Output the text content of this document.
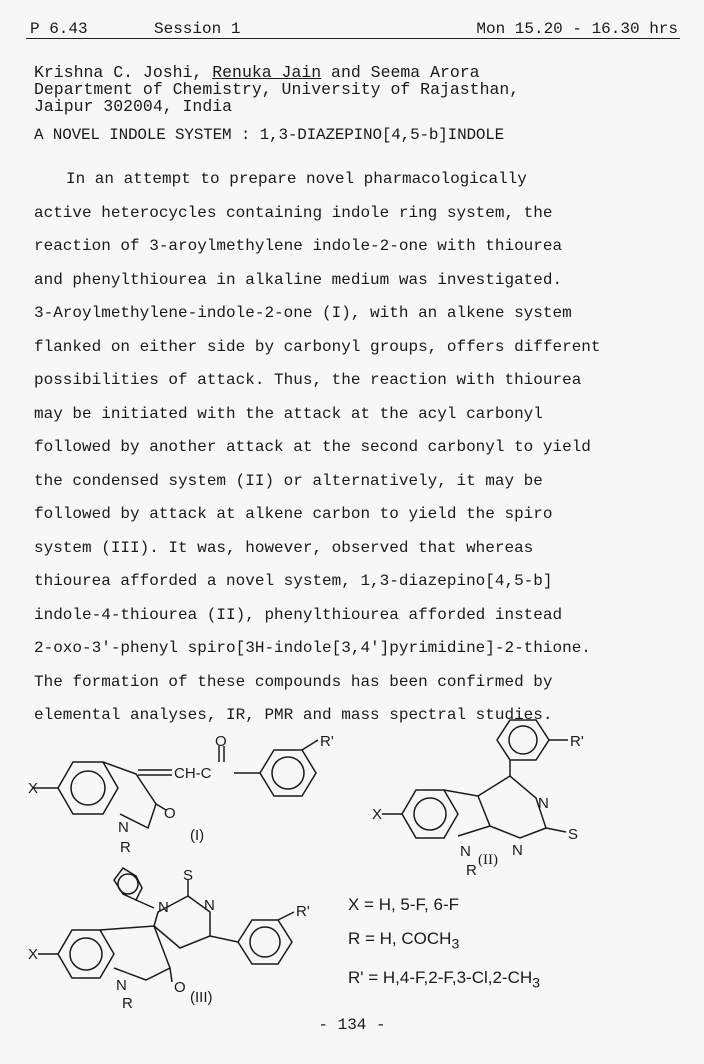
P 6.43	Session 1	Mon 15.20 - 16.30 hrs
Krishna C. Joshi, Renuka Jain and Seema Arora
Department of Chemistry, University of Rajasthan,
Jaipur 302004, India
A NOVEL INDOLE SYSTEM : 1,3-DIAZEPINO[4,5-b]INDOLE
In an attempt to prepare novel pharmacologically
active heterocycles containing indole ring system, the
reaction of 3-aroylmethylene indole-2-one with thiourea
and phenylthiourea in alkaline medium was investigated.
3-Aroylmethylene-indole-2-one (I), with an alkene system
flanked on either side by carbonyl groups, offers different
possibilities of attack. Thus, the reaction with thiourea
may be initiated with the attack at the acyl carbonyl
followed by another attack at the second carbonyl to yield
the condensed system (II) or alternatively, it may be
followed by attack at alkene carbon to yield the spiro
system (III). It was, however, observed that whereas
thiourea afforded a novel system, 1,3-diazepino[4,5-b]
indole-4-thiourea (II), phenylthiourea afforded instead
2-oxo-3'-phenyl spiro[3H-indole[3,4']pyrimidine]-2-thione.
The formation of these compounds has been confirmed by
elemental analyses, IR, PMR and mass spectral studies.
X
N
R
O
CH-C
O	R'
(I)
X
N
R
N
N
S
R'
(II)
X
N
R
O
S
N N	R'
(III)
X = H, 5-F, 6-F
R = H, $COCH_3$
$R' = H,4-F,2-F,3-Cl,2-CH_3$
- 134 -
